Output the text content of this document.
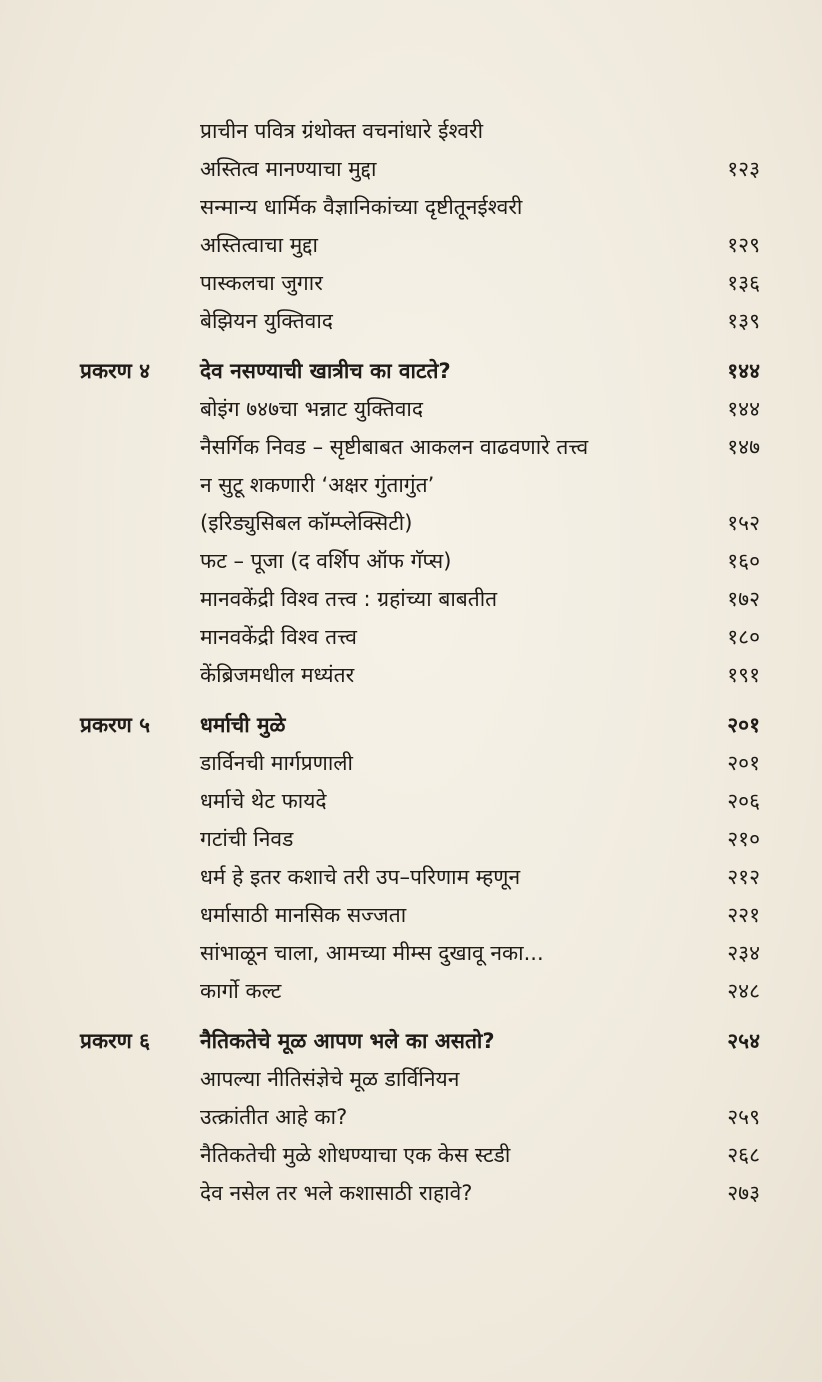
प्राचीन पवित्र ग्रंथोक्त वचनांधारे ईश्वरी
अस्तित्व मानण्याचा मुद्दा	१२३
सन्मान्य धार्मिक वैज्ञानिकांच्या दृष्टीतूनईश्वरी
अस्तित्वाचा मुद्दा	१२९
पास्कलचा जुगार	१३६
बेझियन युक्तिवाद	१३९
प्रकरण ४	देव नसण्याची खात्रीच का वाटते?	१४४
बोइंग ७४७चा भन्नाट युक्तिवाद	१४४
नैसर्गिक निवड – सृष्टीबाबत आकलन वाढवणारे तत्त्व	१४७
न सुटू शकणारी ‘अक्षर गुंतागुंत’
(इरिड्युसिबल कॉम्प्लेक्सिटी)	१५२
फट – पूजा (द वर्शिप ऑफ गॅप्स)	१६०
मानवकेंद्री विश्व तत्त्व : ग्रहांच्या बाबतीत	१७२
मानवकेंद्री विश्व तत्त्व	१८०
केंब्रिजमधील मध्यंतर	१९१
प्रकरण ५	धर्माची मुळे	२०१
डार्विनची मार्गप्रणाली	२०१
धर्माचे थेट फायदे	२०६
गटांची निवड	२१०
धर्म हे इतर कशाचे तरी उप–परिणाम म्हणून	२१२
धर्मासाठी मानसिक सज्जता	२२१
सांभाळून चाला, आमच्या मीम्स दुखावू नका...	२३४
कार्गो कल्ट	२४८
प्रकरण ६	नैतिकतेचे मूळ आपण भले का असतो?	२५४
आपल्या नीतिसंज्ञेचे मूळ डार्विनियन
उत्क्रांतीत आहे का?	२५९
नैतिकतेची मुळे शोधण्याचा एक केस स्टडी	२६८
देव नसेल तर भले कशासाठी राहावे?	२७३
